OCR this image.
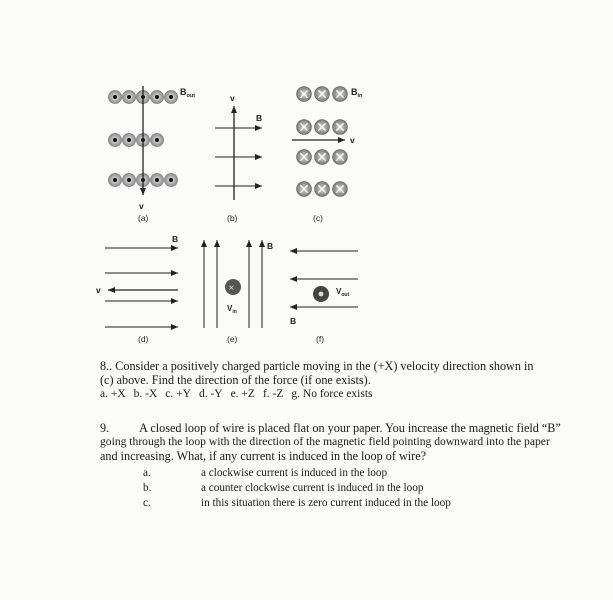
$B_{out}$
v
(a)
v
B
(b)
v
$B_{in}$
(c)
v
B
(d)
×
$V_{in}$
B
(e)
$V_{out}$
B
(f)
8.. Consider a positively charged particle moving in the (+X) velocity direction shown in
(c) above. Find the direction of the force (if one exists).
a. +X b. -X c. +Y d. -Y e. +Z f. -Z g. No force exists
9. A closed loop of wire is placed flat on your paper. You increase the magnetic field “B”
going through the loop with the direction of the magnetic field pointing downward into the paper
and increasing. What, if any current is induced in the loop of wire?
a.	a clockwise current is induced in the loop
b.	a counter clockwise current is induced in the loop
c.	in this situation there is zero current induced in the loop
